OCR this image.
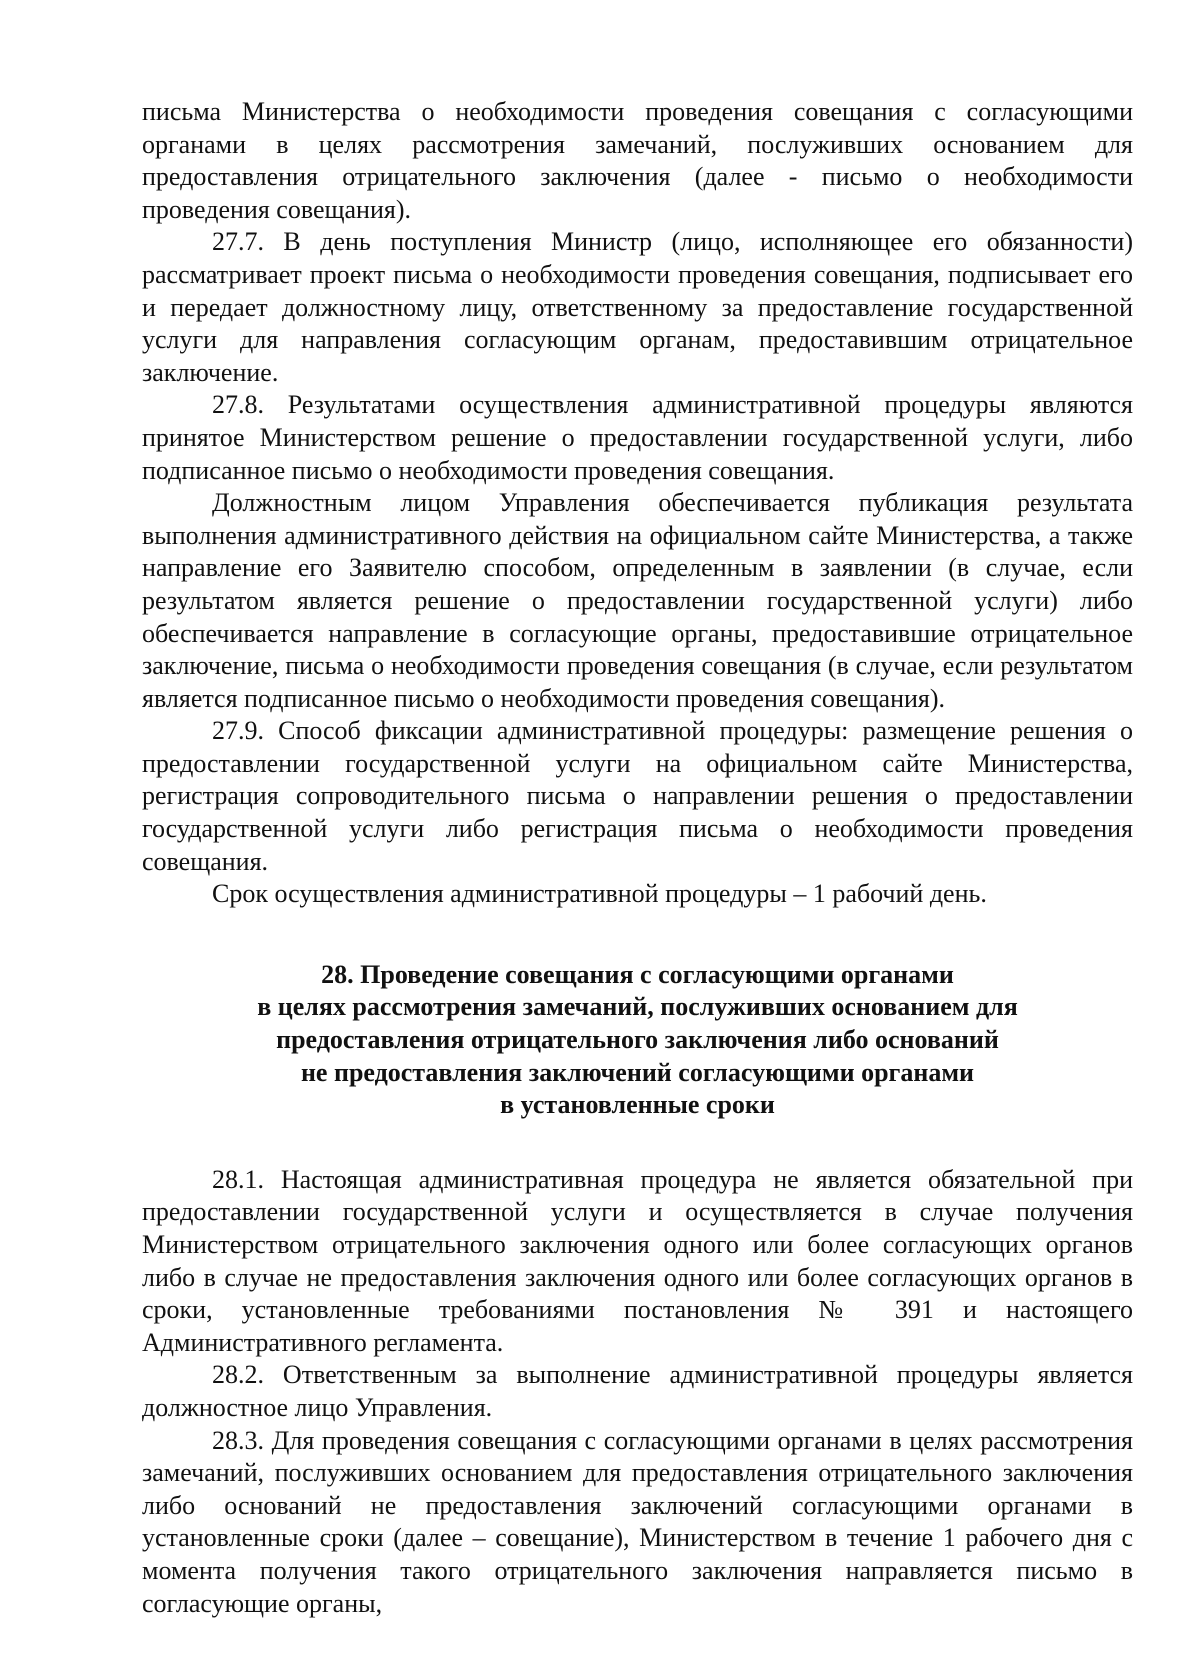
письма Министерства о необходимости проведения совещания с согласующими органами в целях рассмотрения замечаний, послуживших основанием для предоставления отрицательного заключения (далее - письмо о необходимости проведения совещания).

27.7. В день поступления Министр (лицо, исполняющее его обязанности) рассматривает проект письма о необходимости проведения совещания, подписывает его и передает должностному лицу, ответственному за предоставление государственной услуги для направления согласующим органам, предоставившим отрицательное заключение.

27.8. Результатами осуществления административной процедуры являются принятое Министерством решение о предоставлении государственной услуги, либо подписанное письмо о необходимости проведения совещания.

Должностным лицом Управления обеспечивается публикация результата выполнения административного действия на официальном сайте Министерства, а также направление его Заявителю способом, определенным в заявлении (в случае, если результатом является решение о предоставлении государственной услуги) либо обеспечивается направление в согласующие органы, предоставившие отрицательное заключение, письма о необходимости проведения совещания (в случае, если результатом является подписанное письмо о необходимости проведения совещания).

27.9. Способ фиксации административной процедуры: размещение решения о предоставлении государственной услуги на официальном сайте Министерства, регистрация сопроводительного письма о направлении решения о предоставлении государственной услуги либо регистрация письма о необходимости проведения совещания.

Срок осуществления административной процедуры – 1 рабочий день.

28. Проведение совещания с согласующими органами
в целях рассмотрения замечаний, послуживших основанием для
предоставления отрицательного заключения либо оснований
не предоставления заключений согласующими органами
в установленные сроки

28.1. Настоящая административная процедура не является обязательной при предоставлении государственной услуги и осуществляется в случае получения Министерством отрицательного заключения одного или более согласующих органов либо в случае не предоставления заключения одного или более согласующих органов в сроки, установленные требованиями постановления № 391 и настоящего Административного регламента.

28.2. Ответственным за выполнение административной процедуры является должностное лицо Управления.

28.3. Для проведения совещания с согласующими органами в целях рассмотрения замечаний, послуживших основанием для предоставления отрицательного заключения либо оснований не предоставления заключений согласующими органами в установленные сроки (далее – совещание), Министерством в течение 1 рабочего дня с момента получения такого отрицательного заключения направляется письмо в согласующие органы,
